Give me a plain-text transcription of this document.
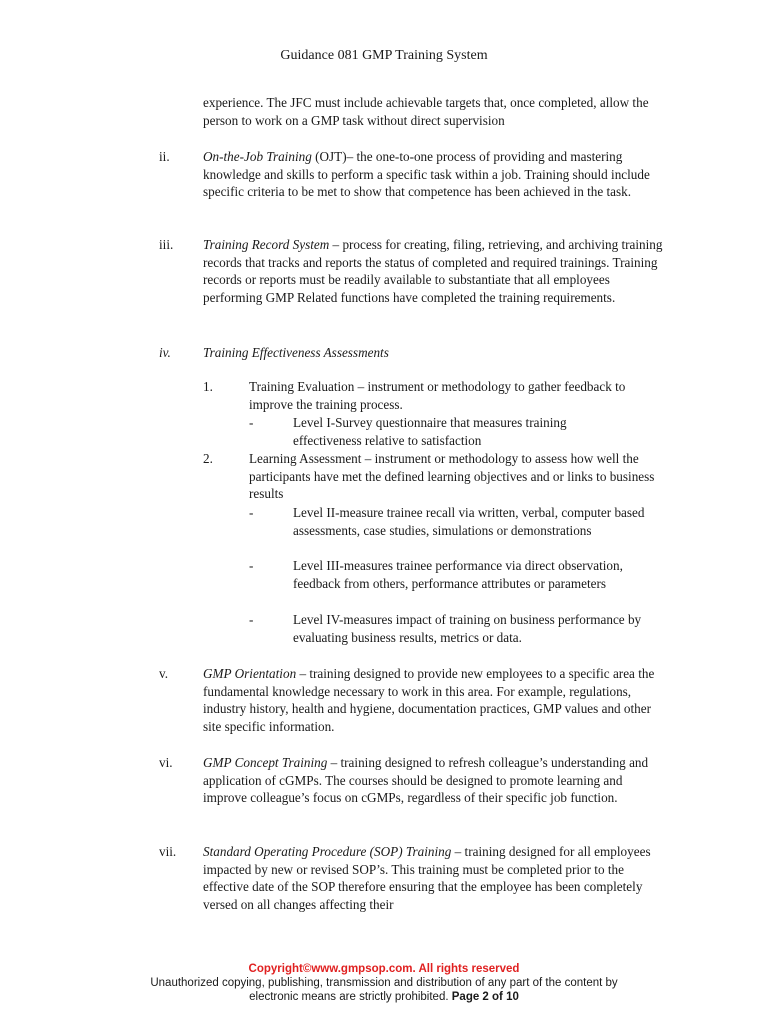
Guidance 081 GMP Training System
experience. The JFC must include achievable targets that, once completed, allow the person to work on a GMP task without direct supervision
ii.	On-the-Job Training (OJT)– the one-to-one process of providing and mastering knowledge and skills to perform a specific task within a job. Training should include specific criteria to be met to show that competence has been achieved in the task.
iii. Training Record System – process for creating, filing, retrieving, and archiving training records that tracks and reports the status of completed and required trainings. Training records or reports must be readily available to substantiate that all employees performing GMP Related functions have completed the training requirements.
iv. Training Effectiveness Assessments
1.	Training Evaluation – instrument or methodology to gather feedback to improve the training process.
-	Level I-Survey questionnaire that measures training effectiveness relative to satisfaction
2.	Learning Assessment – instrument or methodology to assess how well the participants have met the defined learning objectives and or links to business results
-	Level II-measure trainee recall via written, verbal, computer based assessments, case studies, simulations or demonstrations
-	Level III-measures trainee performance via direct observation, feedback from others, performance attributes or parameters
-	Level IV-measures impact of training on business performance by evaluating business results, metrics or data.
v.	GMP Orientation – training designed to provide new employees to a specific area the fundamental knowledge necessary to work in this area. For example, regulations, industry history, health and hygiene, documentation practices, GMP values and other site specific information.
vi. GMP Concept Training – training designed to refresh colleague’s understanding and application of cGMPs. The courses should be designed to promote learning and improve colleague’s focus on cGMPs, regardless of their specific job function.
vii. Standard Operating Procedure (SOP) Training – training designed for all employees impacted by new or revised SOP’s. This training must be completed prior to the effective date of the SOP therefore ensuring that the employee has been completely versed on all changes affecting their
Copyright©www.gmpsop.com. All rights reserved
Unauthorized copying, publishing, transmission and distribution of any part of the content by
electronic means are strictly prohibited. Page 2 of 10
